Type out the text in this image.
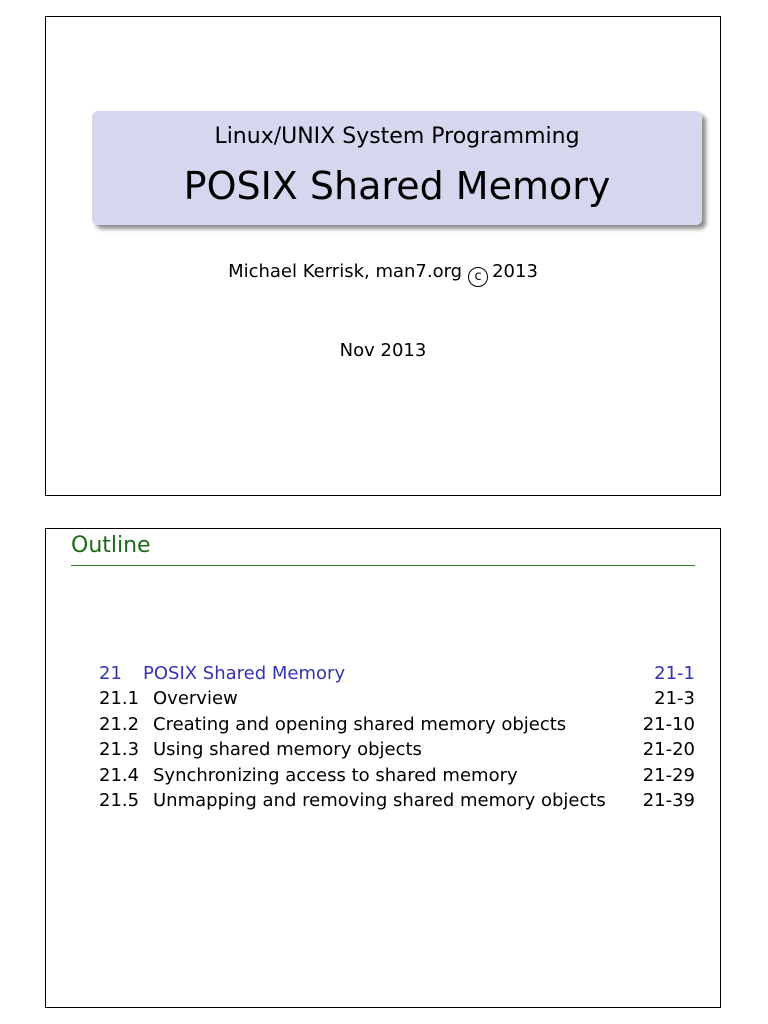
Linux/UNIX System Programming
POSIX Shared Memory
Michael Kerrisk, man7.org c 2013
Nov 2013
Outline
21 POSIX Shared Memory	21-1
21.1 Overview	21-3
21.2 Creating and opening shared memory objects	21-10
21.3 Using shared memory objects	21-20
21.4 Synchronizing access to shared memory	21-29
21.5 Unmapping and removing shared memory objects 21-39
